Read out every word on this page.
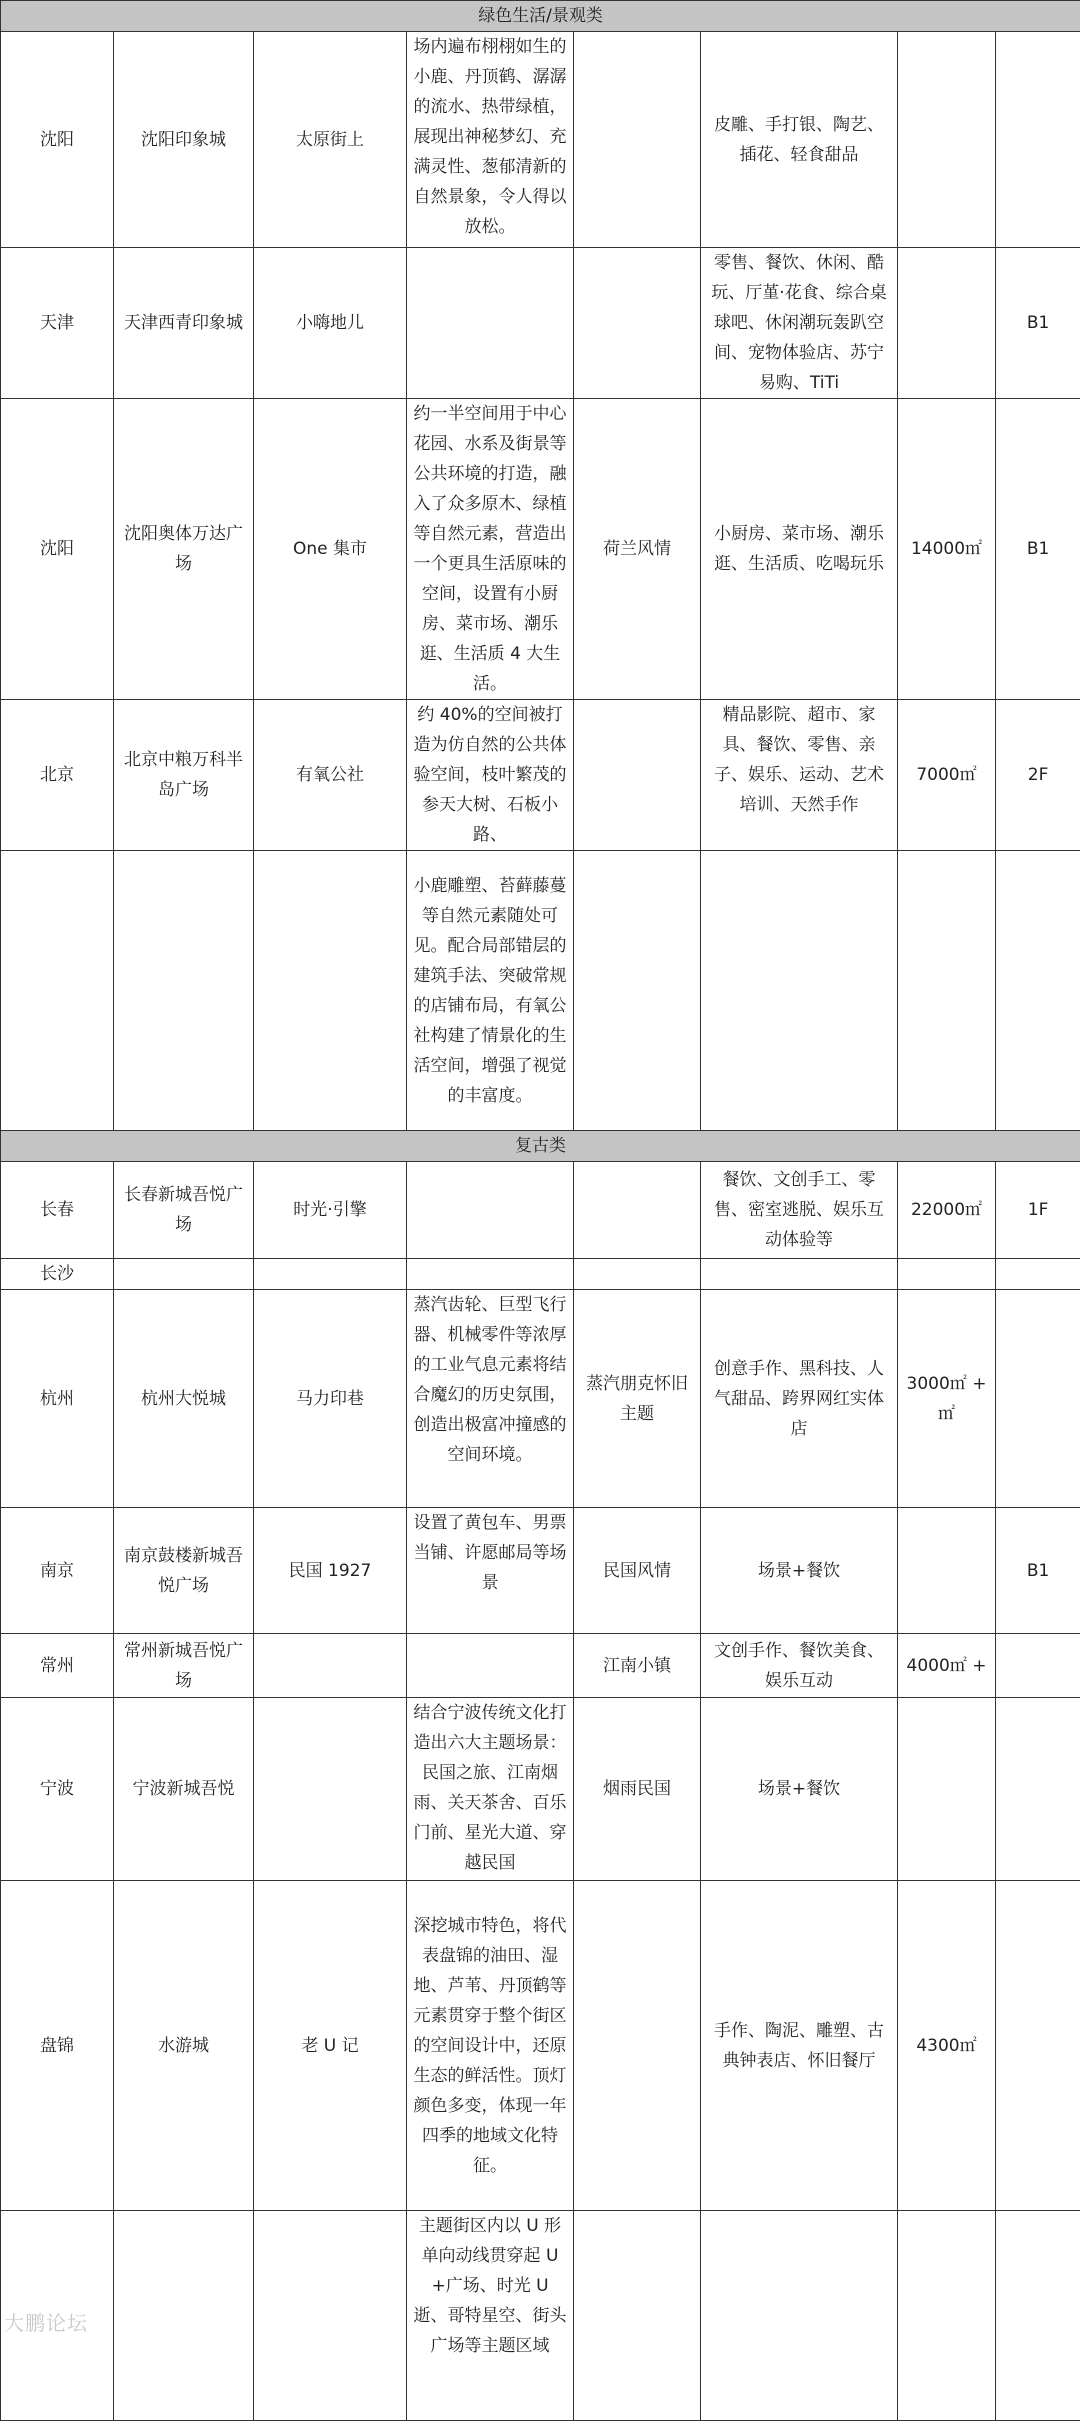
绿色生活/景观类							
沈阳	沈阳印象城	太原街上	场内遍布栩栩如生的小鹿、丹顶鹤、潺潺的流水、热带绿植，展现出神秘梦幻、充满灵性、葱郁清新的自然景象，令人得以放松。		皮雕、手打银、陶艺、插花、轻食甜品		
天津	天津西青印象城	小嗨地儿			零售、餐饮、休闲、酷玩、厅堇·花食、综合桌球吧、休闲潮玩轰趴空间、宠物体验店、苏宁易购、TiTi		B1
沈阳	沈阳奥体万达广场	One 集市	约一半空间用于中心花园、水系及街景等公共环境的打造，融入了众多原木、绿植等自然元素，营造出一个更具生活原味的空间，设置有小厨房、菜市场、潮乐逛、生活质 4 大生活。	荷兰风情	小厨房、菜市场、潮乐逛、生活质、吃喝玩乐	14000㎡	B1
北京	北京中粮万科半岛广场	有氧公社	约 40%的空间被打造为仿自然的公共体验空间，枝叶繁茂的参天大树、石板小路、		精品影院、超市、家具、餐饮、零售、亲子、娱乐、运动、艺术培训、天然手作	7000㎡	2F
			小鹿雕塑、苔藓藤蔓等自然元素随处可见。配合局部错层的建筑手法、突破常规的店铺布局，有氧公社构建了情景化的生活空间，增强了视觉的丰富度。				
复古类							
长春	长春新城吾悦广场	时光·引擎			餐饮、文创手工、零售、密室逃脱、娱乐互动体验等	22000㎡	1F
长沙							
杭州	杭州大悦城	马力印巷	蒸汽齿轮、巨型飞行器、机械零件等浓厚的工业气息元素将结合魔幻的历史氛围，创造出极富冲撞感的空间环境。	蒸汽朋克怀旧主题	创意手作、黑科技、人气甜品、跨界网红实体店	3000㎡ + ㎡	
南京	南京鼓楼新城吾悦广场	民国 1927	设置了黄包车、男票当铺、许愿邮局等场景	民国风情	场景+餐饮		B1
常州	常州新城吾悦广场			江南小镇	文创手作、餐饮美食、娱乐互动	4000㎡ +	
宁波	宁波新城吾悦		结合宁波传统文化打造出六大主题场景：民国之旅、江南烟雨、关天茶舍、百乐门前、星光大道、穿越民国	烟雨民国	场景+餐饮		
盘锦	水游城	老 U 记	深挖城市特色，将代表盘锦的油田、湿地、芦苇、丹顶鹤等元素贯穿于整个街区的空间设计中，还原生态的鲜活性。顶灯颜色多变，体现一年四季的地域文化特征。		手作、陶泥、雕塑、古典钟表店、怀旧餐厅	4300㎡	
			主题街区内以 U 形单向动线贯穿起 U+广场、时光 U 逝、哥特星空、街头广场等主题区域				
大鹏论坛
